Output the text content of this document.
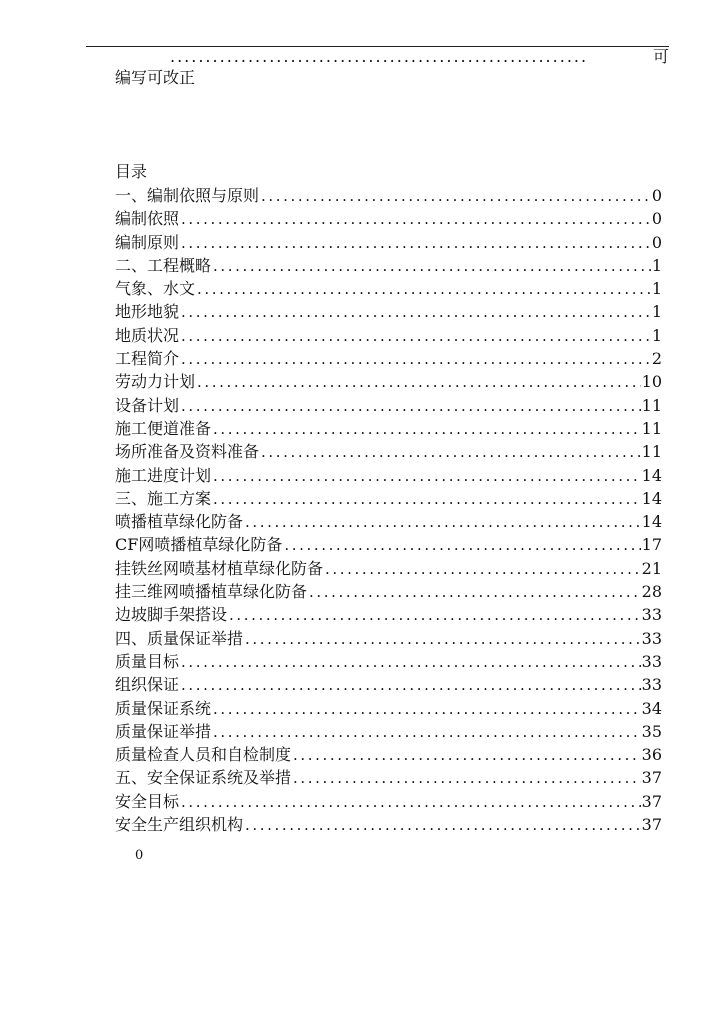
...........................................................	可
编写可改正
目录
一、编制依照与原则 .....	0
编制依照 .....	0
编制原则 .....	0
二、工程概略 .....	1
气象、水文 .....	1
地形地貌 .....	1
地质状况 .....	1
工程简介 .....	2
劳动力计划 .....	10
设备计划 .....	11
施工便道准备 .....	11
场所准备及资料准备 .....	11
施工进度计划 .....	14
三、施工方案 .....	14
喷播植草绿化防备 .....	14
CF网喷播植草绿化防备 .....	17
挂铁丝网喷基材植草绿化防备 .....	21
挂三维网喷播植草绿化防备 .....	28
边坡脚手架搭设 .....	33
四、质量保证举措 .....	33
质量目标 .....	33
组织保证 .....	33
质量保证系统 .....	34
质量保证举措 .....	35
质量检查人员和自检制度 .....	36
五、安全保证系统及举措 .....	37
安全目标 .....	37
安全生产组织机构 .....	37
0
